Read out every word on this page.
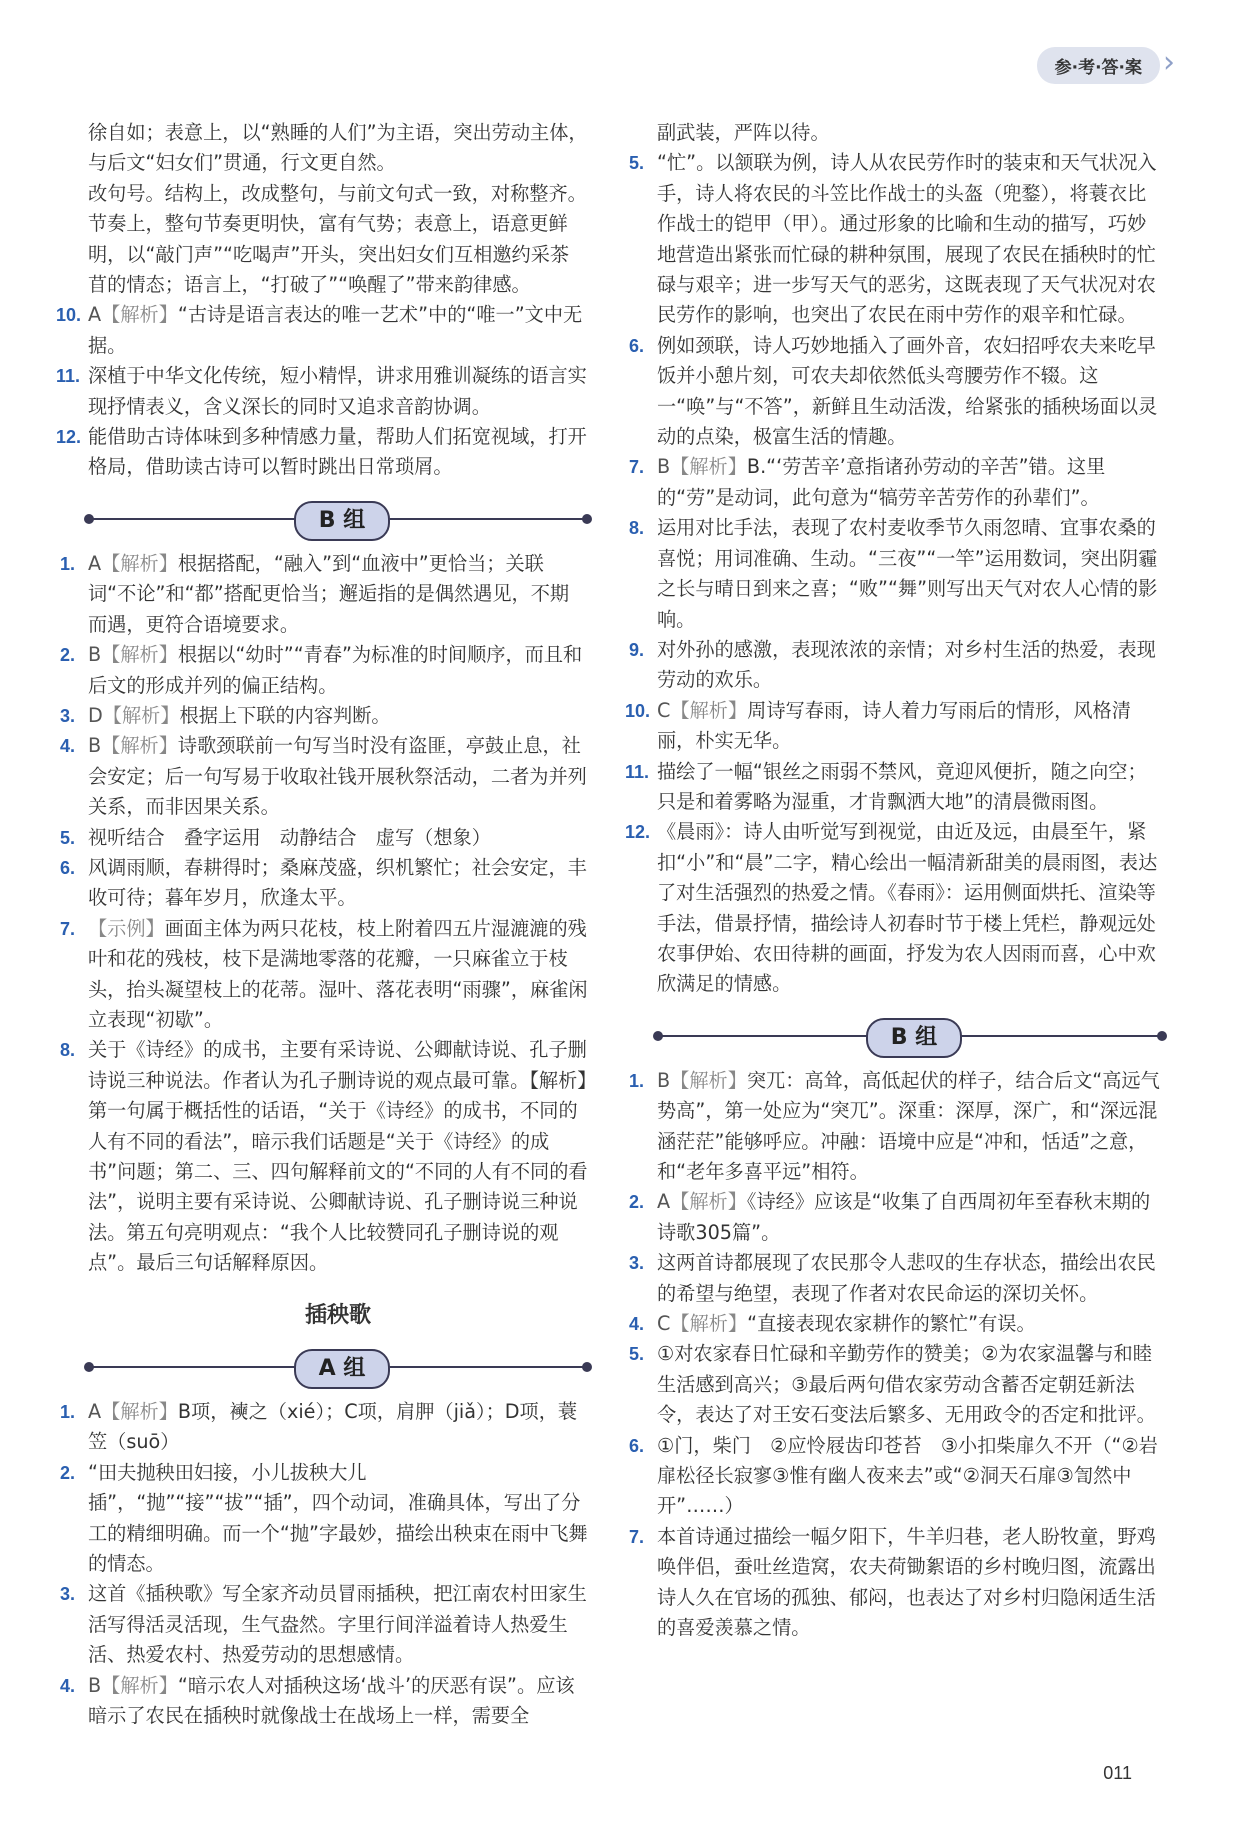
参·考·答·案 ›

徐自如；表意上，以“熟睡的人们”为主语，突出劳动主体，与后文“妇女们”贯通，行文更自然。

改句号。结构上，改成整句，与前文句式一致，对称整齐。节奏上，整句节奏更明快，富有气势；表意上，语意更鲜明，以“敲门声”“吃喝声”开头，突出妇女们互相邀约采茶苜的情态；语言上，“打破了”“唤醒了”带来韵律感。

10. A【解析】“古诗是语言表达的唯一艺术”中的“唯一”文中无据。
11. 深植于中华文化传统，短小精悍，讲求用雅训凝练的语言实现抒情表义，含义深长的同时又追求音韵协调。
12. 能借助古诗体味到多种情感力量，帮助人们拓宽视域，打开格局，借助读古诗可以暂时跳出日常琐屑。
B 组
1. A【解析】根据搭配，“融入”到“血液中”更恰当；关联词“不论”和“都”搭配更恰当；邂逅指的是偶然遇见，不期而遇，更符合语境要求。
2. B【解析】根据以“幼时”“青春”为标准的时间顺序，而且和后文的形成并列的偏正结构。
3. D【解析】根据上下联的内容判断。
4. B【解析】诗歌颈联前一句写当时没有盗匪，亭鼓止息，社会安定；后一句写易于收取社钱开展秋祭活动，二者为并列关系，而非因果关系。
5. 视听结合　叠字运用　动静结合　虚写（想象）
6. 风调雨顺，春耕得时；桑麻茂盛，织机繁忙；社会安定，丰收可待；暮年岁月，欣逢太平。
7. 【示例】画面主体为两只花枝，枝上附着四五片湿漉漉的残叶和花的残枝，枝下是满地零落的花瓣，一只麻雀立于枝头，抬头凝望枝上的花蒂。湿叶、落花表明“雨骤”，麻雀闲立表现“初歇”。
8. 关于《诗经》的成书，主要有采诗说、公卿献诗说、孔子删诗说三种说法。作者认为孔子删诗说的观点最可靠。【解析】第一句属于概括性的话语，“关于《诗经》的成书，不同的人有不同的看法”，暗示我们话题是“关于《诗经》的成书”问题；第二、三、四句解释前文的“不同的人有不同的看法”，说明主要有采诗说、公卿献诗说、孔子删诗说三种说法。第五句亮明观点：“我个人比较赞同孔子删诗说的观点”。最后三句话解释原因。
插秧歌
A 组
1. A【解析】B项，襫之（xié）；C项，肩胛（jiǎ）；D项，蓑笠（suō）
2. “田夫抛秧田妇接，小儿拔秧大儿插”，“抛”“接”“拔”“插”，四个动词，准确具体，写出了分工的精细明确。而一个“抛”字最妙，描绘出秧束在雨中飞舞的情态。
3. 这首《插秧歌》写全家齐动员冒雨插秧，把江南农村田家生活写得活灵活现，生气盎然。字里行间洋溢着诗人热爱生活、热爱农村、热爱劳动的思想感情。
4. B【解析】“暗示农人对插秧这场‘战斗’的厌恶有误”。应该暗示了农民在插秧时就像战士在战场上一样，需要全

副武装，严阵以待。

5. “忙”。以颔联为例，诗人从农民劳作时的装束和天气状况入手，诗人将农民的斗笠比作战士的头盔（兜鍪），将蓑衣比作战士的铠甲（甲）。通过形象的比喻和生动的描写，巧妙地营造出紧张而忙碌的耕种氛围，展现了农民在插秧时的忙碌与艰辛；进一步写天气的恶劣，这既表现了天气状况对农民劳作的影响，也突出了农民在雨中劳作的艰辛和忙碌。
6. 例如颈联，诗人巧妙地插入了画外音，农妇招呼农夫来吃早饭并小憩片刻，可农夫却依然低头弯腰劳作不辍。这一“唤”与“不答”，新鲜且生动活泼，给紧张的插秧场面以灵动的点染，极富生活的情趣。
7. B【解析】B.“‘劳苦辛’意指诸孙劳动的辛苦”错。这里的“劳”是动词，此句意为“犒劳辛苦劳作的孙辈们”。
8. 运用对比手法，表现了农村麦收季节久雨忽晴、宜事农桑的喜悦；用词准确、生动。“三夜”“一竿”运用数词，突出阴霾之长与晴日到来之喜；“败”“舞”则写出天气对农人心情的影响。
9. 对外孙的感激，表现浓浓的亲情；对乡村生活的热爱，表现劳动的欢乐。
10. C【解析】周诗写春雨，诗人着力写雨后的情形，风格清丽，朴实无华。
11. 描绘了一幅“银丝之雨弱不禁风，竟迎风便折，随之向空；只是和着雾略为湿重，才肯飘洒大地”的清晨微雨图。
12. 《晨雨》：诗人由听觉写到视觉，由近及远，由晨至午，紧扣“小”和“晨”二字，精心绘出一幅清新甜美的晨雨图，表达了对生活强烈的热爱之情。《春雨》：运用侧面烘托、渲染等手法，借景抒情，描绘诗人初春时节于楼上凭栏，静观远处农事伊始、农田待耕的画面，抒发为农人因雨而喜，心中欢欣满足的情感。
B 组
1. B【解析】突兀：高耸，高低起伏的样子，结合后文“高远气势高”，第一处应为“突兀”。深重：深厚，深广，和“深远混涵茫茫”能够呼应。冲融：语境中应是“冲和，恬适”之意，和“老年多喜平远”相符。
2. A【解析】《诗经》应该是“收集了自西周初年至春秋末期的诗歌305篇”。
3. 这两首诗都展现了农民那令人悲叹的生存状态，描绘出农民的希望与绝望，表现了作者对农民命运的深切关怀。
4. C【解析】“直接表现农家耕作的繁忙”有误。
5. ①对农家春日忙碌和辛勤劳作的赞美；②为农家温馨与和睦生活感到高兴；③最后两句借农家劳动含蓄否定朝廷新法令，表达了对王安石变法后繁多、无用政令的否定和批评。
6. ①门，柴门　②应怜屐齿印苍苔　③小扣柴扉久不开（“②岩扉松径长寂寥③惟有幽人夜来去”或“②洞天石扉③訇然中开”……）
7. 本首诗通过描绘一幅夕阳下，牛羊归巷，老人盼牧童，野鸡唤伴侣，蚕吐丝造窝，农夫荷锄絮语的乡村晚归图，流露出诗人久在官场的孤独、郁闷，也表达了对乡村归隐闲适生活的喜爱羡慕之情。
011
